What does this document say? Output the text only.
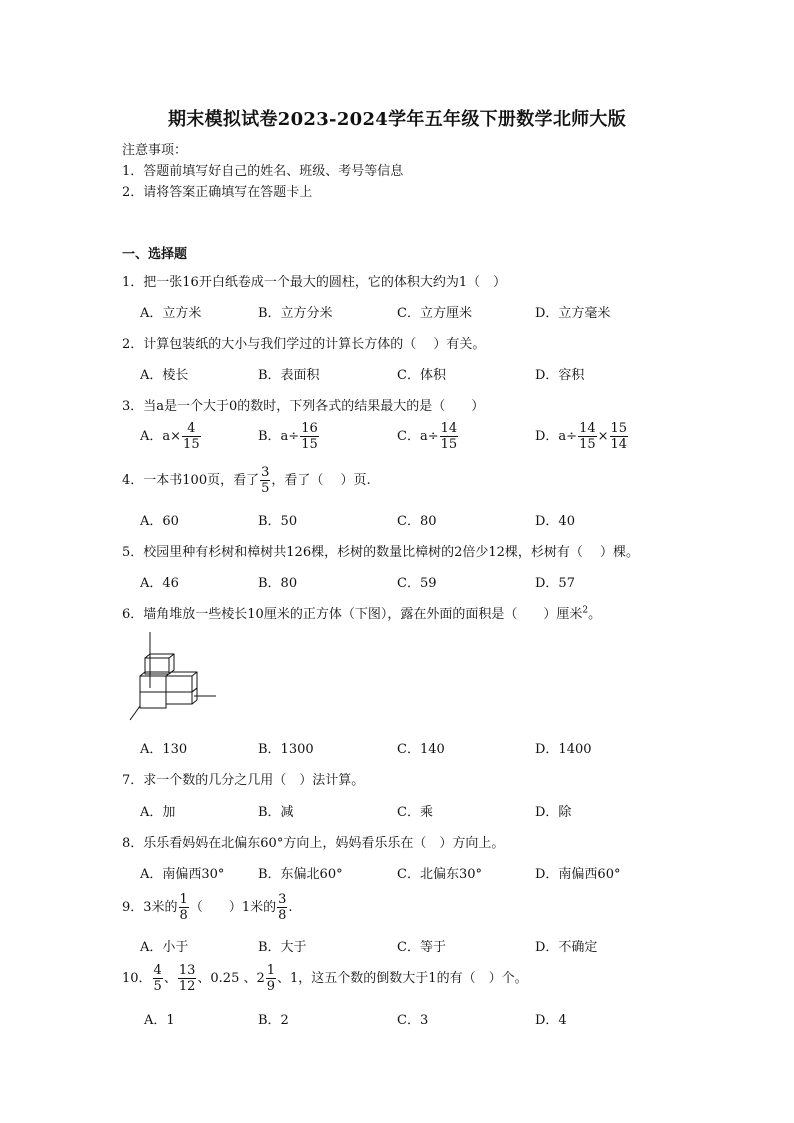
期末模拟试卷2023-2024学年五年级下册数学北师大版
注意事项：
1．答题前填写好自己的姓名、班级、考号等信息
2．请将答案正确填写在答题卡上
一、选择题
1．把一张16开白纸卷成一个最大的圆柱，它的体积大约为1（　）
A．立方米	B．立方分米	C．立方厘米	D．立方毫米
2．计算包装纸的大小与我们学过的计算长方体的（　 ）有关。
A．棱长	B．表面积	C．体积	D．容积
3．当a是一个大于0的数时，下列各式的结果最大的是（　　）
A．$a\times \frac{4}{15}$	B．$a\div \frac{16}{15}$	C．$a\div \frac{14}{15}$	D．$a\div \frac{14}{15} \times \frac{15}{14}$
4．一本书100页，看了 $\frac{3}{5}$ ，看了（　 ）页.
A．60	B．50	C．80	D．40
5．校园里种有杉树和樟树共126棵，杉树的数量比樟树的2倍少12棵，杉树有（　 ）棵。
A．46	B．80	C．59	D．57
6．墙角堆放一些棱长10厘米的正方体（下图），露在外面的面积是（　　）厘米$^2$。
A．130	B．1300	C．140	D．1400
7．求一个数的几分之几用（　）法计算。
A．加	B．减	C．乘	D．除
8．乐乐看妈妈在北偏东60°方向上，妈妈看乐乐在（　）方向上。
A．南偏西30°	B．东偏北60°	C．北偏东30°	D．南偏西60°
9．3米的 $\frac{1}{8}$ （　　）1米的 $\frac{3}{8}$ .
A．小于	B．大于	C．等于	D．不确定
10． $\frac{4}{5}$ 、 $\frac{13}{12}$ 、0.25 、$2 \frac{1}{9}$ 、1，这五个数的倒数大于1的有（　）个。
A．1	B．2	C．3	D．4
